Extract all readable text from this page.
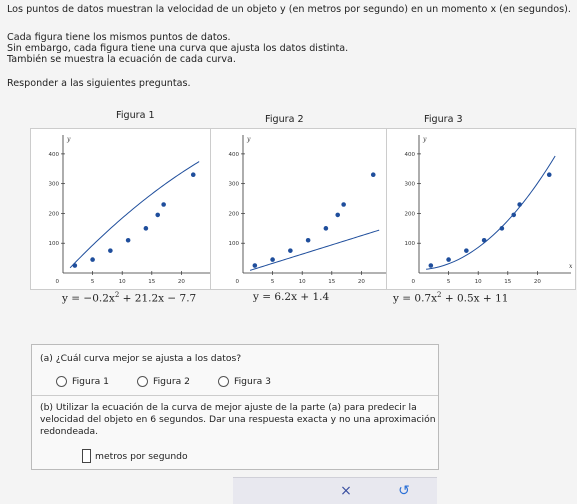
Los puntos de datos muestran la velocidad de un objeto y (en metros por segundo) en un momento x (en segundos).
Cada figura tiene los mismos puntos de datos.
Sin embargo, cada figura tiene una curva que ajusta los datos distinta.
También se muestra la ecuación de cada curva.
Responder a las siguientes preguntas.
Figura 1	Figura 2	Figura 3
5	10	15	20
100
200
300
400
0
y
5	10	15	20
100
200
300
400
0
y
5	10	15	20
100
200
300
400
0
x
y
$y = -0.2x^2 + 21.2x - 7.7$	y = 6.2x + 1.4	$y = 0.7x^2 + 0.5x + 11$
(a) ¿Cuál curva mejor se ajusta a los datos?
Figura 1	Figura 2	Figura 3
(b) Utilizar la ecuación de la curva de mejor ajuste de la parte (a) para predecir la velocidad del objeto en 6 segundos. Dar una respuesta exacta y no una aproximación redondeada.
metros por segundo
×	↺
